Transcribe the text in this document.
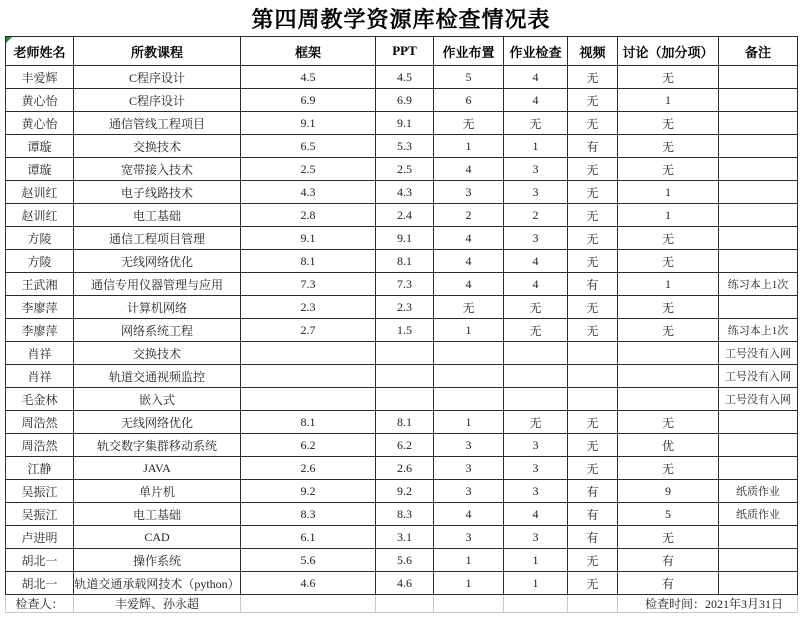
第四周教学资源库检查情况表
老师姓名	所教课程	框架	PPT	作业布置	作业检查	视频	讨论（加分项）	备注
丰爱辉	C程序设计	4.5	4.5	5	4	无	无	
黄心怡	C程序设计	6.9	6.9	6	4	无	1	
黄心怡	通信管线工程项目	9.1	9.1	无	无	无	无	
谭璇	交换技术	6.5	5.3	1	1	有	无	
谭璇	宽带接入技术	2.5	2.5	4	3	无	无	
赵训红	电子线路技术	4.3	4.3	3	3	无	1	
赵训红	电工基础	2.8	2.4	2	2	无	1	
方陵	通信工程项目管理	9.1	9.1	4	3	无	无	
方陵	无线网络优化	8.1	8.1	4	4	无	无	
王武湘	通信专用仪器管理与应用	7.3	7.3	4	4	有	1	练习本上1次
李廖萍	计算机网络	2.3	2.3	无	无	无	无	
李廖萍	网络系统工程	2.7	1.5	1	无	无	无	练习本上1次
肖祥	交换技术							工号没有入网
肖祥	轨道交通视频监控							工号没有入网
毛金林	嵌入式							工号没有入网
周浩然	无线网络优化	8.1	8.1	1	无	无	无	
周浩然	轨交数字集群移动系统	6.2	6.2	3	3	无	优	
江静	JAVA	2.6	2.6	3	3	无	无	
吴振江	单片机	9.2	9.2	3	3	有	9	纸质作业
吴振江	电工基础	8.3	8.3	4	4	有	5	纸质作业
卢进明	CAD	6.1	3.1	3	3	有	无	
胡北一	操作系统	5.6	5.6	1	1	无	有	
胡北一	轨道交通承载网技术（python）	4.6	4.6	1	1	无	有	
检查人：	丰爱辉、孙永超						检查时间：2021年3月31日	
